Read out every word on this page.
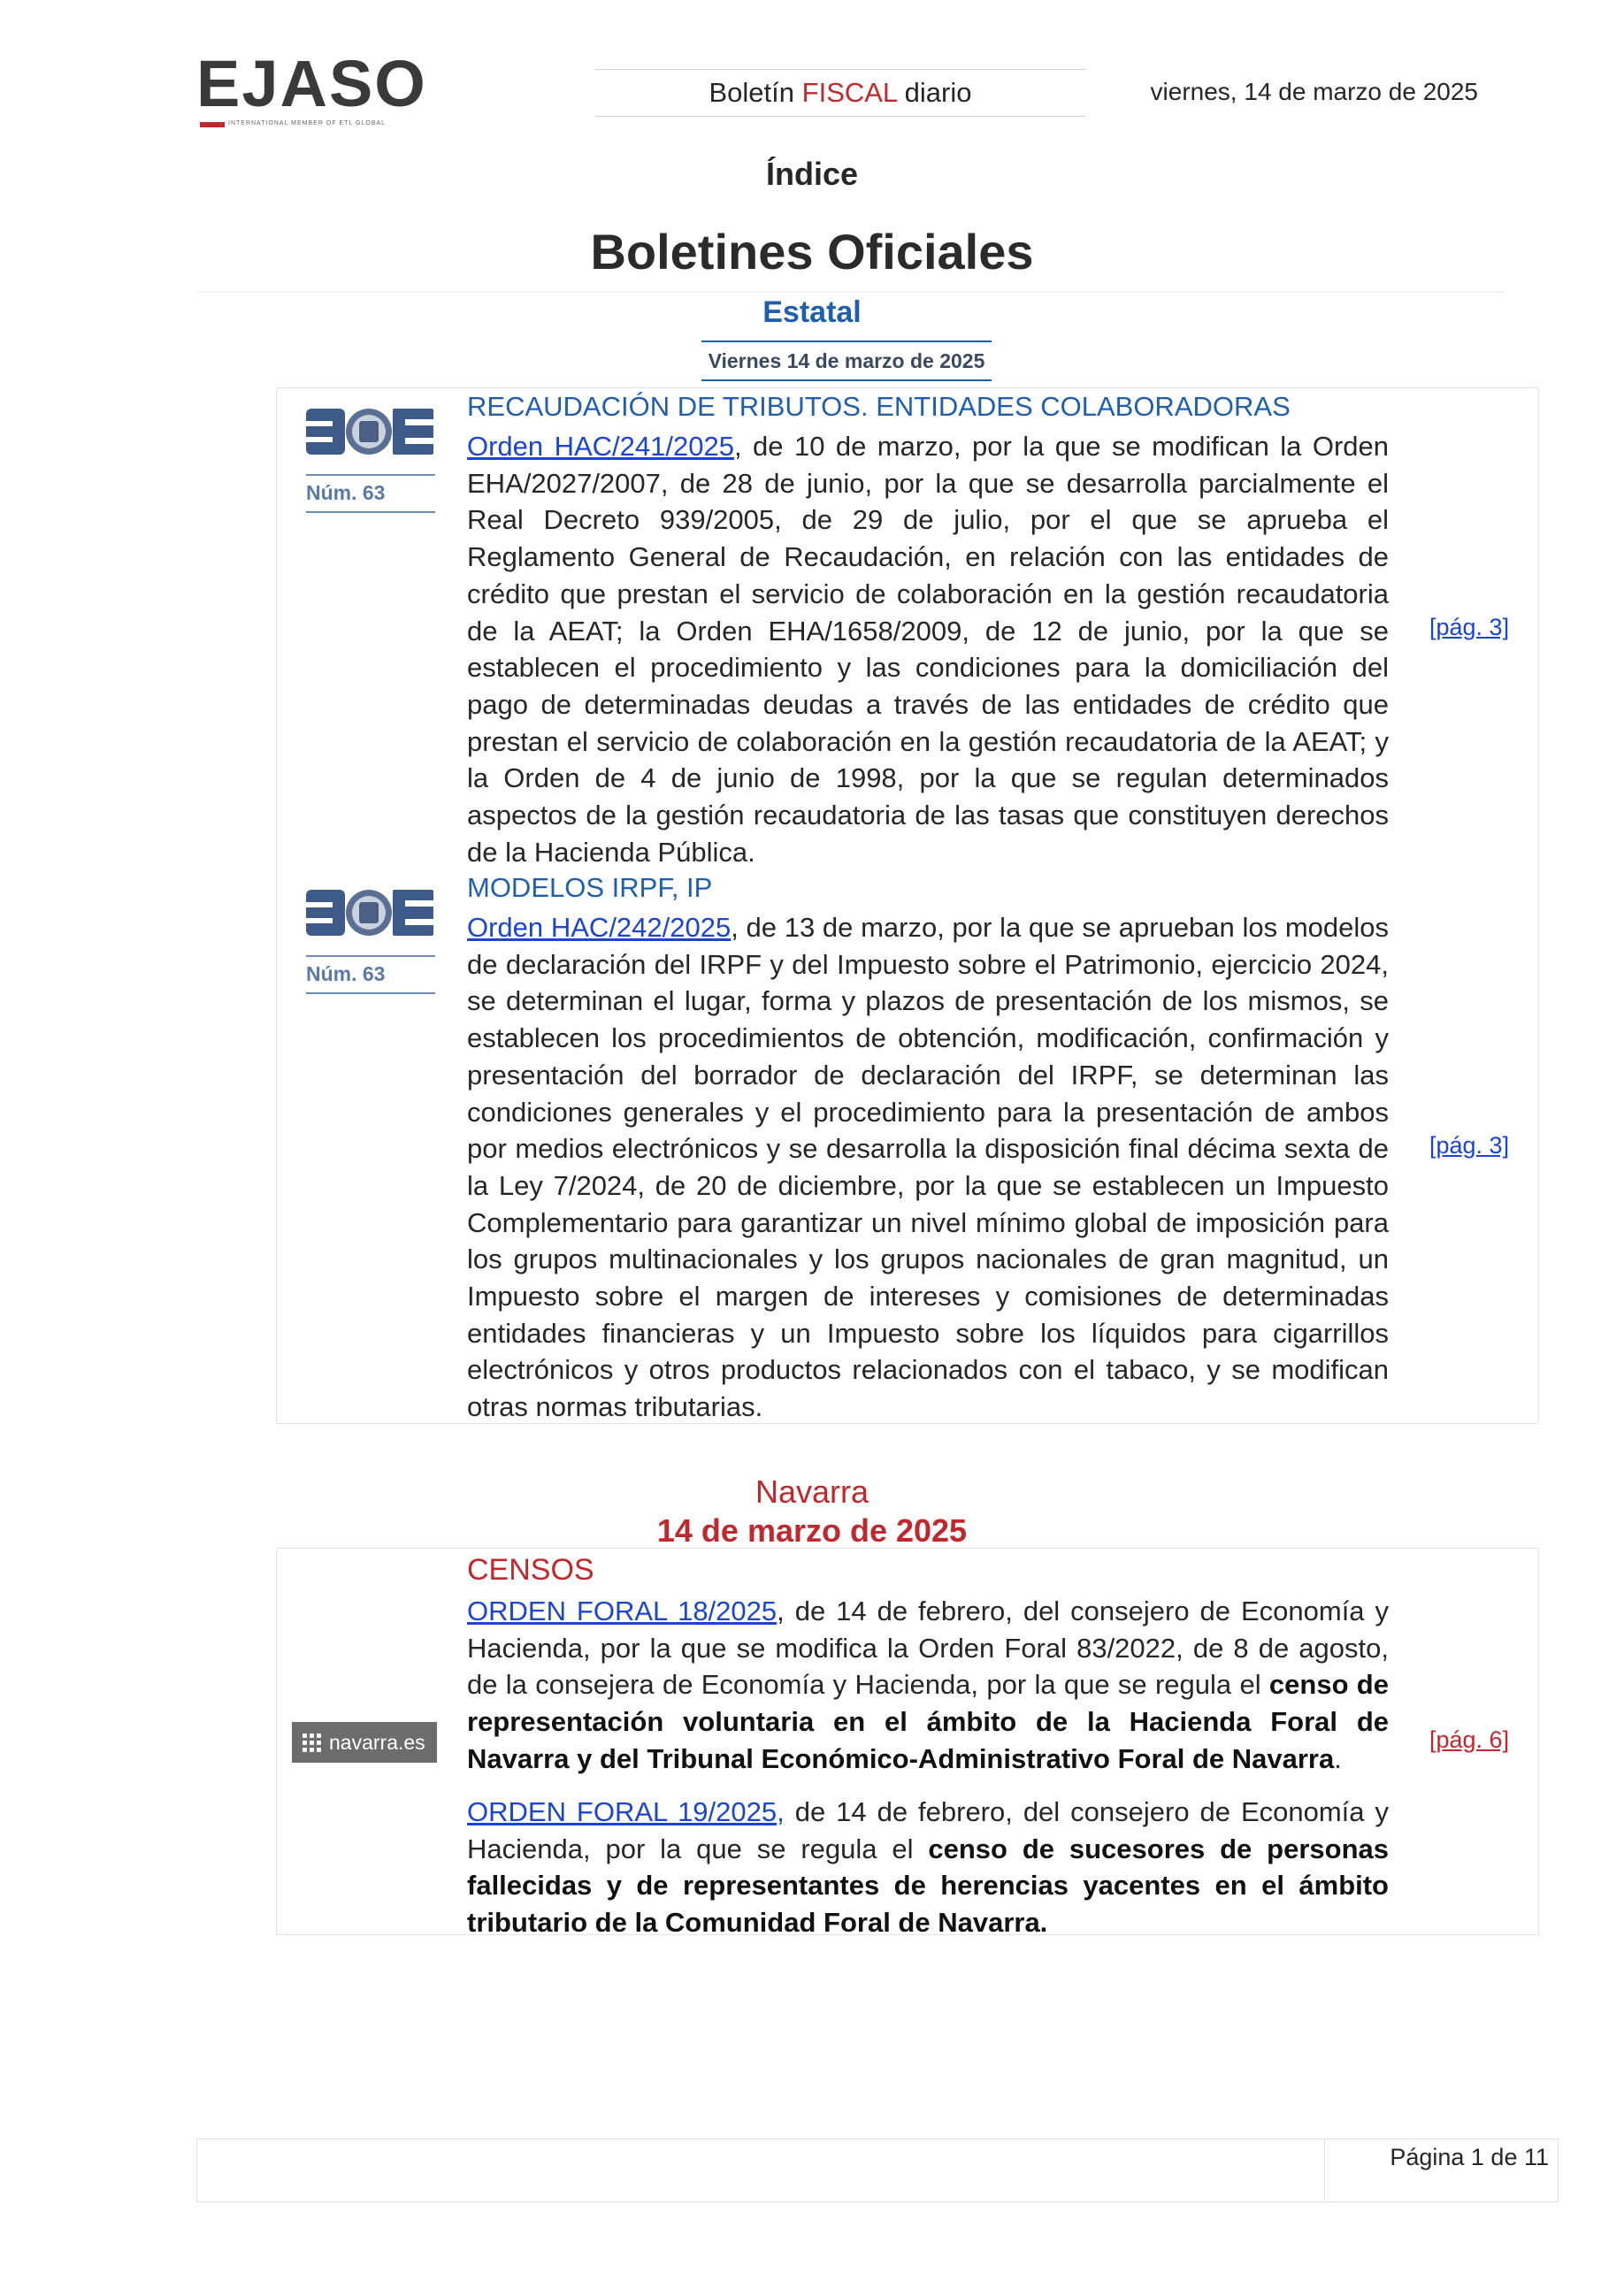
EJASO
INTERNATIONAL MEMBER OF ETL GLOBAL
Boletín FISCAL diario	viernes, 14 de marzo de 2025
Índice
Boletines Oficiales
Estatal
Viernes 14 de marzo de 2025
Núm. 63
RECAUDACIÓN DE TRIBUTOS. ENTIDADES COLABORADORAS
Orden HAC/241/2025, de 10 de marzo, por la que se modifican la Orden EHA/2027/2007, de 28 de junio, por la que se desarrolla parcialmente el Real Decreto 939/2005, de 29 de julio, por el que se aprueba el Reglamento General de Recaudación, en relación con las entidades de crédito que prestan el servicio de colaboración en la gestión recaudatoria de la AEAT; la Orden EHA/1658/2009, de 12 de junio, por la que se establecen el procedimiento y las condiciones para la domiciliación del pago de determinadas deudas a través de las entidades de crédito que prestan el servicio de colaboración en la gestión recaudatoria de la AEAT; y la Orden de 4 de junio de 1998, por la que se regulan determinados aspectos de la gestión recaudatoria de las tasas que constituyen derechos de la Hacienda Pública.
[pág. 3]
Núm. 63
MODELOS IRPF, IP
Orden HAC/242/2025, de 13 de marzo, por la que se aprueban los modelos de declaración del IRPF y del Impuesto sobre el Patrimonio, ejercicio 2024, se determinan el lugar, forma y plazos de presentación de los mismos, se establecen los procedimientos de obtención, modificación, confirmación y presentación del borrador de declaración del IRPF, se determinan las condiciones generales y el procedimiento para la presentación de ambos por medios electrónicos y se desarrolla la disposición final décima sexta de la Ley 7/2024, de 20 de diciembre, por la que se establecen un Impuesto Complementario para garantizar un nivel mínimo global de imposición para los grupos multinacionales y los grupos nacionales de gran magnitud, un Impuesto sobre el margen de intereses y comisiones de determinadas entidades financieras y un Impuesto sobre los líquidos para cigarrillos electrónicos y otros productos relacionados con el tabaco, y se modifican otras normas tributarias.
[pág. 3]
Navarra
14 de marzo de 2025
navarra.es
CENSOS
ORDEN FORAL 18/2025, de 14 de febrero, del consejero de Economía y Hacienda, por la que se modifica la Orden Foral 83/2022, de 8 de agosto, de la consejera de Economía y Hacienda, por la que se regula el censo de representación voluntaria en el ámbito de la Hacienda Foral de Navarra y del Tribunal Económico-Administrativo Foral de Navarra.
ORDEN FORAL 19/2025, de 14 de febrero, del consejero de Economía y Hacienda, por la que se regula el censo de sucesores de personas fallecidas y de representantes de herencias yacentes en el ámbito tributario de la Comunidad Foral de Navarra.
[pág. 6]
Página 1 de 11
